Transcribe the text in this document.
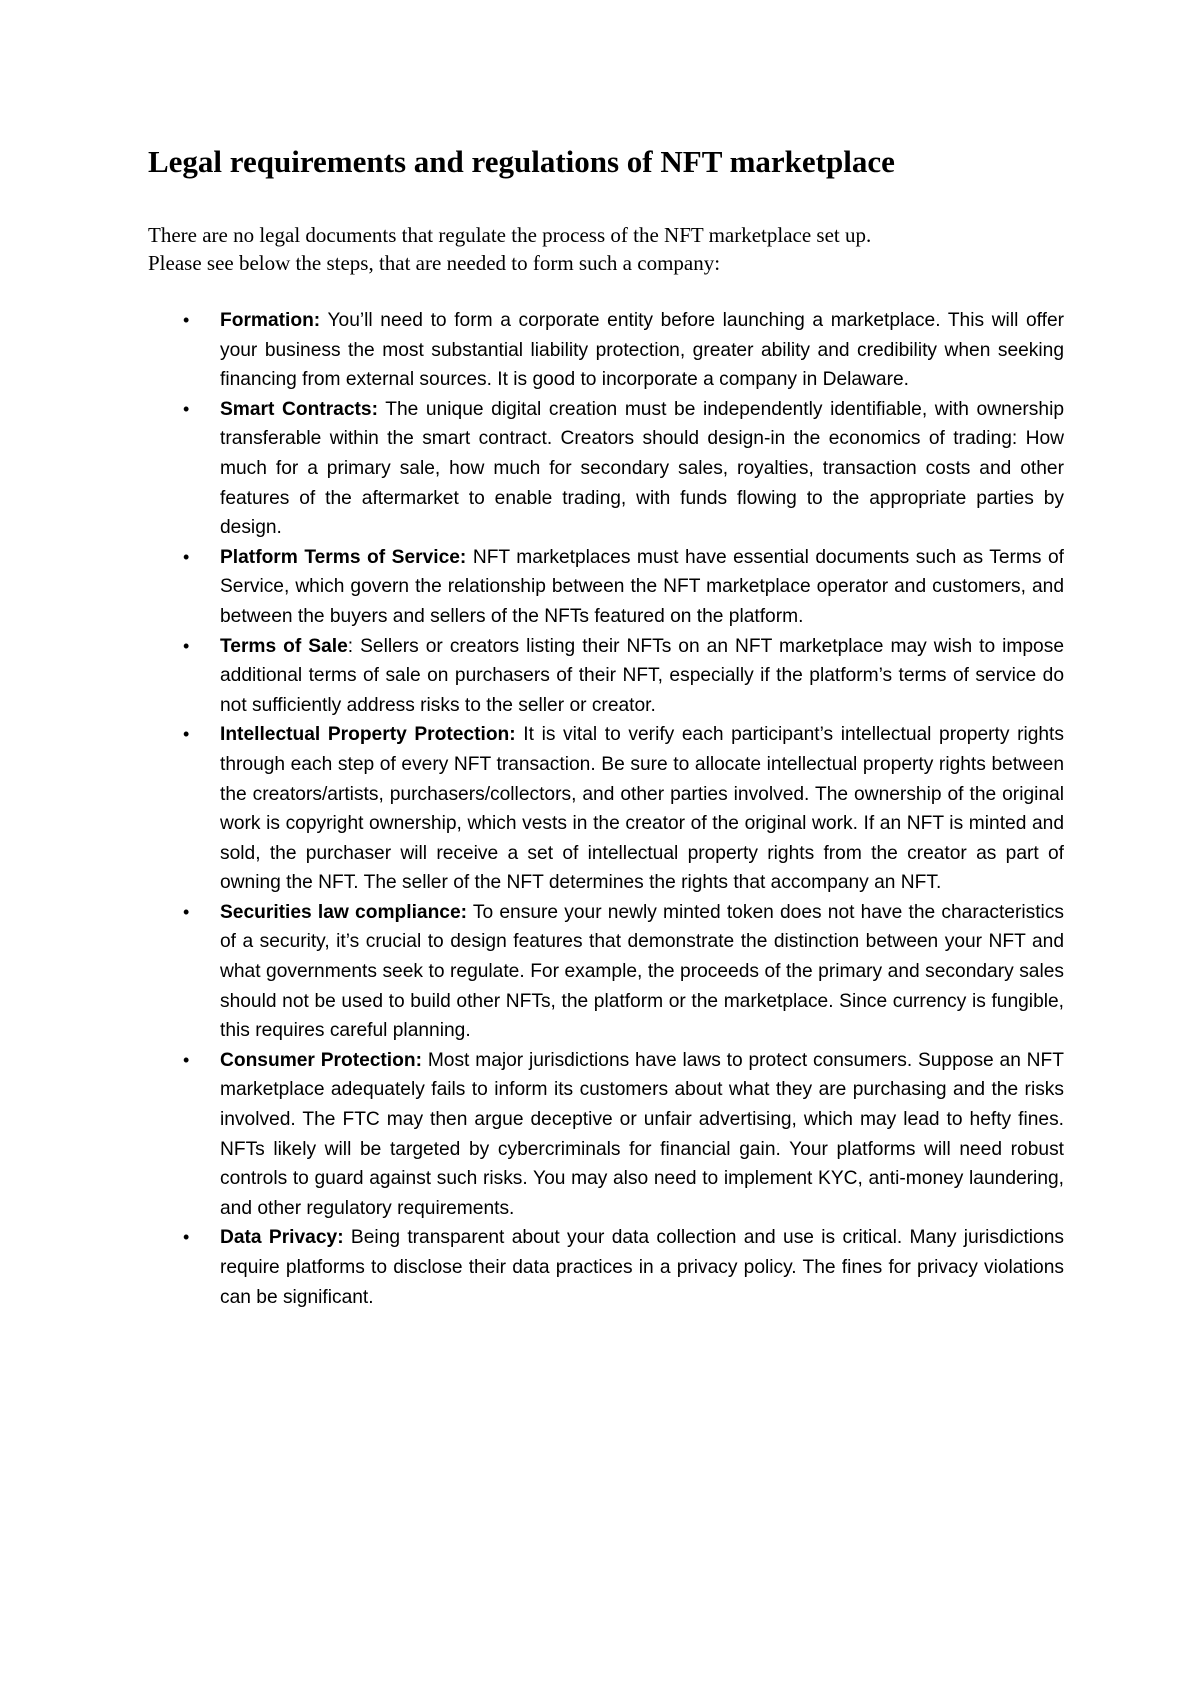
Legal requirements and regulations of NFT marketplace

There are no legal documents that regulate the process of the NFT marketplace set up.

Please see below the steps, that are needed to form such a company:

• Formation: You’ll need to form a corporate entity before launching a marketplace. This will offer your business the most substantial liability protection, greater ability and credibility when seeking financing from external sources. It is good to incorporate a company in Delaware.
• Smart Contracts: The unique digital creation must be independently identifiable, with ownership transferable within the smart contract. Creators should design-in the economics of trading: How much for a primary sale, how much for secondary sales, royalties, transaction costs and other features of the aftermarket to enable trading, with funds flowing to the appropriate parties by design.
• Platform Terms of Service: NFT marketplaces must have essential documents such as Terms of Service, which govern the relationship between the NFT marketplace operator and customers, and between the buyers and sellers of the NFTs featured on the platform.
• Terms of Sale: Sellers or creators listing their NFTs on an NFT marketplace may wish to impose additional terms of sale on purchasers of their NFT, especially if the platform’s terms of service do not sufficiently address risks to the seller or creator.
• Intellectual Property Protection: It is vital to verify each participant’s intellectual property rights through each step of every NFT transaction. Be sure to allocate intellectual property rights between the creators/artists, purchasers/collectors, and other parties involved. The ownership of the original work is copyright ownership, which vests in the creator of the original work. If an NFT is minted and sold, the purchaser will receive a set of intellectual property rights from the creator as part of owning the NFT. The seller of the NFT determines the rights that accompany an NFT.
• Securities law compliance: To ensure your newly minted token does not have the characteristics of a security, it’s crucial to design features that demonstrate the distinction between your NFT and what governments seek to regulate. For example, the proceeds of the primary and secondary sales should not be used to build other NFTs, the platform or the marketplace. Since currency is fungible, this requires careful planning.
• Consumer Protection: Most major jurisdictions have laws to protect consumers. Suppose an NFT marketplace adequately fails to inform its customers about what they are purchasing and the risks involved. The FTC may then argue deceptive or unfair advertising, which may lead to hefty fines. NFTs likely will be targeted by cybercriminals for financial gain. Your platforms will need robust controls to guard against such risks. You may also need to implement KYC, anti-money laundering, and other regulatory requirements.
• Data Privacy: Being transparent about your data collection and use is critical. Many jurisdictions require platforms to disclose their data practices in a privacy policy. The fines for privacy violations can be significant.
